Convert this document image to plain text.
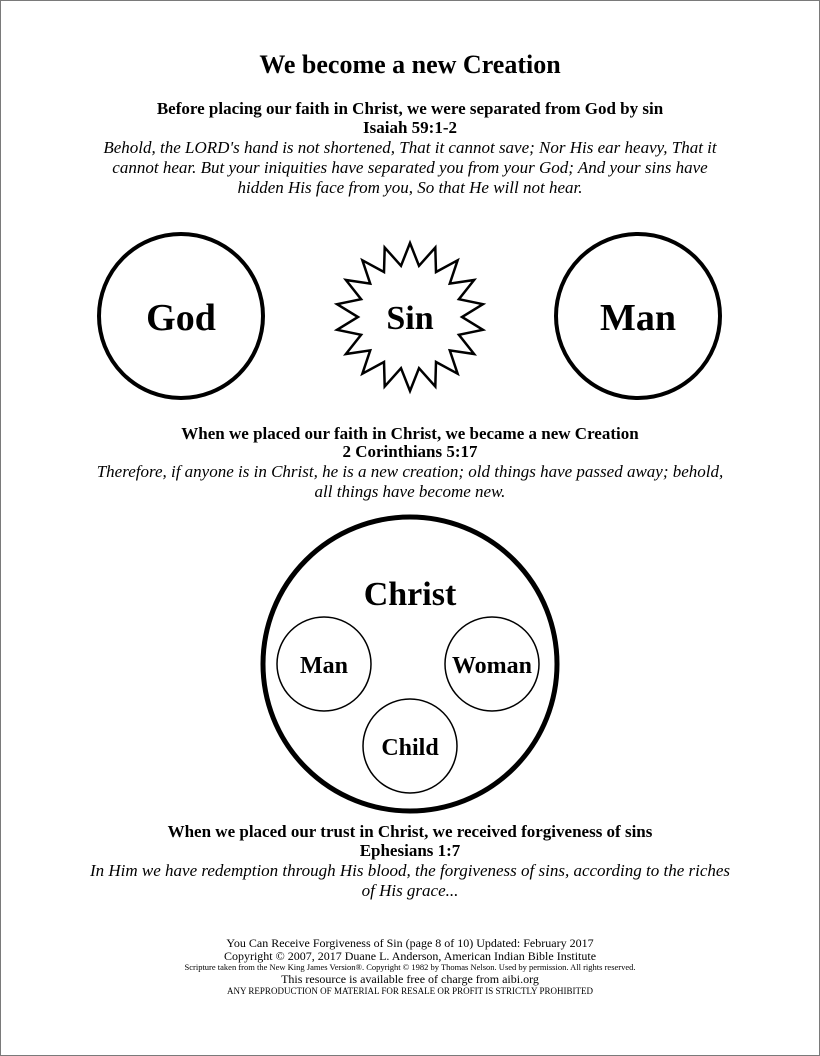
We become a new Creation
Before placing our faith in Christ, we were separated from God by sin
Isaiah 59:1-2
Behold, the LORD's hand is not shortened, That it cannot save; Nor His ear heavy, That it
cannot hear. But your iniquities have separated you from your God; And your sins have
hidden His face from you, So that He will not hear.
God	Sin	Man
When we placed our faith in Christ, we became a new Creation
2 Corinthians 5:17
Therefore, if anyone is in Christ, he is a new creation; old things have passed away; behold,
all things have become new.
Christ
Man	Woman
Child
When we placed our trust in Christ, we received forgiveness of sins
Ephesians 1:7
In Him we have redemption through His blood, the forgiveness of sins, according to the riches
of His grace...
You Can Receive Forgiveness of Sin (page 8 of 10) Updated: February 2017
Copyright © 2007, 2017 Duane L. Anderson, American Indian Bible Institute
Scripture taken from the New King James Version®. Copyright © 1982 by Thomas Nelson. Used by permission. All rights reserved.
This resource is available free of charge from aibi.org
ANY REPRODUCTION OF MATERIAL FOR RESALE OR PROFIT IS STRICTLY PROHIBITED
